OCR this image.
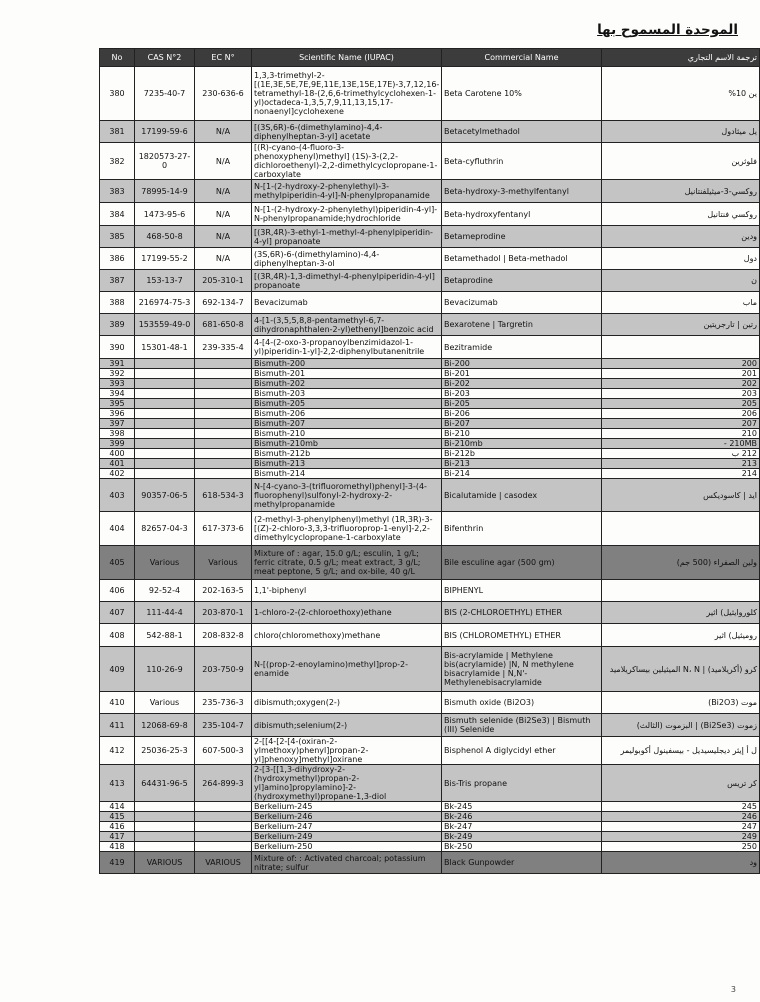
الموحدة المسموح بها
No	CAS N°2	EC N°	Scientific Name (IUPAC)	Commercial Name	ترجمة الاسم التجاري
380	7235-40-7	230-636-6	1,3,3-trimethyl-2-[(1E,3E,5E,7E,9E,11E,13E,15E,17E)-3,7,12,16-tetramethyl-18-(2,6,6-trimethylcyclohexen-1-yl)octadeca-1,3,5,7,9,11,13,15,17-nonaenyl]cyclohexene	Beta Carotene 10%	ين 10%
381	17199-59-6	N/A	[(3S,6R)-6-(dimethylamino)-4,4-diphenylheptan-3-yl] acetate	Betacetylmethadol	يل ميثادول
382	1820573-27-0	N/A	[(R)-cyano-(4-fluoro-3-phenoxyphenyl)methyl] (1S)-3-(2,2-dichloroethenyl)-2,2-dimethylcyclopropane-1-carboxylate	Beta-cyfluthrin	فلوثرين
383	78995-14-9	N/A	N-[1-(2-hydroxy-2-phenylethyl)-3-methylpiperidin-4-yl]-N-phenylpropanamide	Beta-hydroxy-3-methylfentanyl	روكسي-3-ميثيلفنتانيل
384	1473-95-6	N/A	N-[1-(2-hydroxy-2-phenylethyl)piperidin-4-yl]-N-phenylpropanamide;hydrochloride	Beta-hydroxyfentanyl	روكسي فنتانيل
385	468-50-8	N/A	[(3R,4R)-3-ethyl-1-methyl-4-phenylpiperidin-4-yl] propanoate	Betameprodine	ودين
386	17199-55-2	N/A	(3S,6R)-6-(dimethylamino)-4,4-diphenylheptan-3-ol	Betamethadol | Beta-methadol	دول
387	153-13-7	205-310-1	[(3R,4R)-1,3-dimethyl-4-phenylpiperidin-4-yl] propanoate	Betaprodine	ن
388	216974-75-3	692-134-7	Bevacizumab	Bevacizumab	ماب
389	153559-49-0	681-650-8	4-[1-(3,5,5,8,8-pentamethyl-6,7-dihydronaphthalen-2-yl)ethenyl]benzoic acid	Bexarotene | Targretin	رتين | تارجريتين
390	15301-48-1	239-335-4	4-[4-(2-oxo-3-propanoylbenzimidazol-1-yl)piperidin-1-yl]-2,2-diphenylbutanenitrile	Bezitramide	
391			Bismuth-200	Bi-200	200
392			Bismuth-201	Bi-201	201
393			Bismuth-202	Bi-202	202
394			Bismuth-203	Bi-203	203
395			Bismuth-205	Bi-205	205
396			Bismuth-206	Bi-206	206
397			Bismuth-207	Bi-207	207
398			Bismuth-210	Bi-210	210
399			Bismuth-210mb	Bi-210mb	210MB -
400			Bismuth-212b	Bi-212b	212 ب
401			Bismuth-213	Bi-213	213
402			Bismuth-214	Bi-214	214
403	90357-06-5	618-534-3	N-[4-cyano-3-(trifluoromethyl)phenyl]-3-(4-fluorophenyl)sulfonyl-2-hydroxy-2-methylpropanamide	Bicalutamide | casodex	ايد | كاسوديكس
404	82657-04-3	617-373-6	(2-methyl-3-phenylphenyl)methyl (1R,3R)-3-[(Z)-2-chloro-3,3,3-trifluoroprop-1-enyl]-2,2-dimethylcyclopropane-1-carboxylate	Bifenthrin	
405	Various	Various	Mixture of : agar, 15.0 g/L; esculin, 1 g/L; ferric citrate, 0.5 g/L; meat extract, 3 g/L; meat peptone, 5 g/L; and ox-bile, 40 g/L	Bile esculine agar (500 gm)	ولين الصفراء (500 جم)
406	92-52-4	202-163-5	1,1'-biphenyl	BIPHENYL	
407	111-44-4	203-870-1	1-chloro-2-(2-chloroethoxy)ethane	BIS (2-CHLOROETHYL) ETHER	كلوروايثيل) اثير
408	542-88-1	208-832-8	chloro(chloromethoxy)methane	BIS (CHLOROMETHYL) ETHER	روميثيل) اثير
409	110-26-9	203-750-9	N-[(prop-2-enoylamino)methyl]prop-2-enamide	Bis-acrylamide | Methylene bis(acrylamide) |N, N methylene bisacrylamide | N,N'-Methylenebisacrylamide	كرو (أكريلاميد) | N، N الميثيلين بيساكريلاميد
410	Various	235-736-3	dibismuth;oxygen(2-)	Bismuth oxide (Bi2O3)	موت (Bi2O3)
411	12068-69-8	235-104-7	dibismuth;selenium(2-)	Bismuth selenide (Bi2Se3) | Bismuth (III) Selenide	زموت (Bi2Se3) | البزموت (الثالث)
412	25036-25-3	607-500-3	2-[[4-[2-[4-(oxiran-2-ylmethoxy)phenyl]propan-2-yl]phenoxy]methyl]oxirane	Bisphenol A diglycidyl ether	ل أ إيثر ديجليسيديل - بيسفينول أكوبوليمر
413	64431-96-5	264-899-3	2-[3-[[1,3-dihydroxy-2-(hydroxymethyl)propan-2-yl]amino]propylamino]-2-(hydroxymethyl)propane-1,3-diol	Bis-Tris propane	كر تريس
414			Berkelium-245	Bk-245	245
415			Berkelium-246	Bk-246	246
416			Berkelium-247	Bk-247	247
417			Berkelium-249	Bk-249	249
418			Berkelium-250	Bk-250	250
419	VARIOUS	VARIOUS	Mixture of: : Activated charcoal; potassium nitrate; sulfur	Black Gunpowder	ود
3
